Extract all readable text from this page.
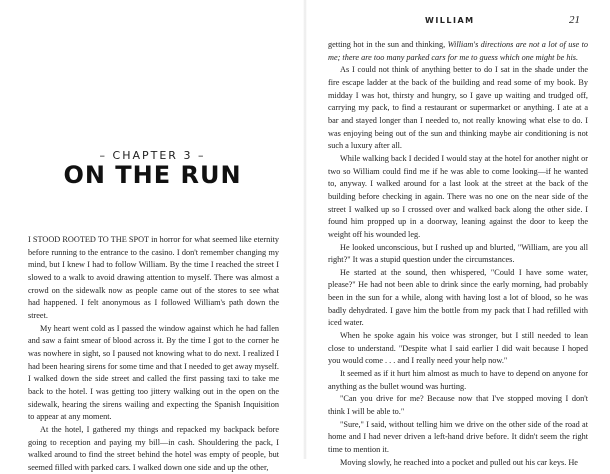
– CHAPTER 3 –
ON THE RUN

I STOOD ROOTED TO THE SPOT in horror for what seemed like eternity before running to the entrance to the casino. I don't remember changing my mind, but I knew I had to follow William. By the time I reached the street I slowed to a walk to avoid drawing attention to myself. There was almost a crowd on the sidewalk now as people came out of the stores to see what had happened. I felt anonymous as I followed William's path down the street.

My heart went cold as I passed the window against which he had fallen and saw a faint smear of blood across it. By the time I got to the corner he was nowhere in sight, so I paused not knowing what to do next. I realized I had been hearing sirens for some time and that I needed to get away myself. I walked down the side street and called the first passing taxi to take me back to the hotel. I was getting too jittery walking out in the open on the sidewalk, hearing the sirens wailing and expecting the Spanish Inquisition to appear at any moment.

At the hotel, I gathered my things and repacked my backpack before going to reception and paying my bill—in cash. Shouldering the pack, I walked around to find the street behind the hotel was empty of people, but seemed filled with parked cars. I walked down one side and up the other,

WILLIAM	21

getting hot in the sun and thinking, William's directions are not a lot of use to me; there are too many parked cars for me to guess which one might be his.

As I could not think of anything better to do I sat in the shade under the fire escape ladder at the back of the building and read some of my book. By midday I was hot, thirsty and hungry, so I gave up waiting and trudged off, carrying my pack, to find a restaurant or supermarket or anything. I ate at a bar and stayed longer than I needed to, not really knowing what else to do. I was enjoying being out of the sun and thinking maybe air conditioning is not such a luxury after all.

While walking back I decided I would stay at the hotel for another night or two so William could find me if he was able to come looking—if he wanted to, anyway. I walked around for a last look at the street at the back of the building before checking in again. There was no one on the near side of the street I walked up so I crossed over and walked back along the other side. I found him propped up in a doorway, leaning against the door to keep the weight off his wounded leg.

He looked unconscious, but I rushed up and blurted, "William, are you all right?" It was a stupid question under the circumstances.

He started at the sound, then whispered, "Could I have some water, please?" He had not been able to drink since the early morning, had probably been in the sun for a while, along with having lost a lot of blood, so he was badly dehydrated. I gave him the bottle from my pack that I had refilled with iced water.

When he spoke again his voice was stronger, but I still needed to lean close to understand. "Despite what I said earlier I did wait because I hoped you would come . . . and I really need your help now."

It seemed as if it hurt him almost as much to have to depend on anyone for anything as the bullet wound was hurting.

"Can you drive for me? Because now that I've stopped moving I don't think I will be able to."

"Sure," I said, without telling him we drive on the other side of the road at home and I had never driven a left-hand drive before. It didn't seem the right time to mention it.

Moving slowly, he reached into a pocket and pulled out his car keys. He
